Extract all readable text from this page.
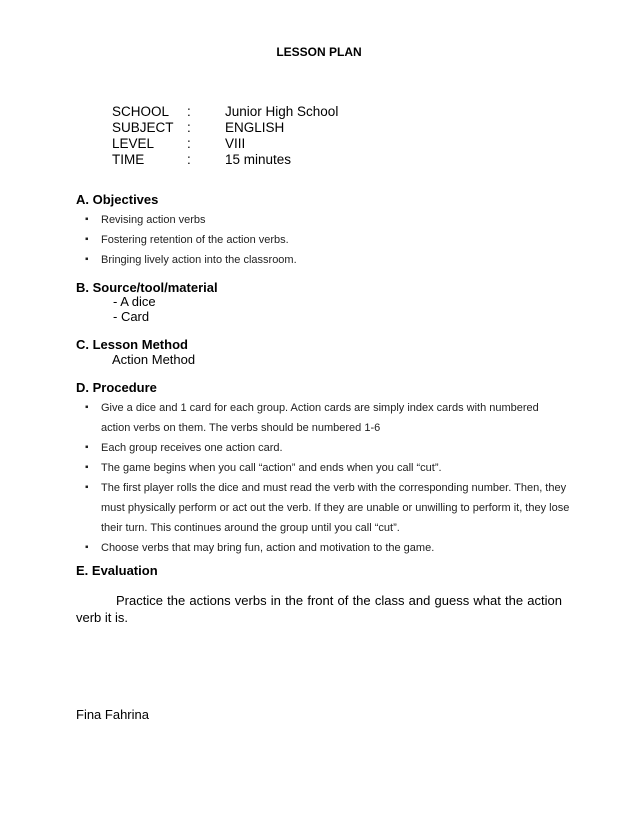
LESSON PLAN
SCHOOL	:	Junior High School
SUBJECT :	ENGLISH
LEVEL	:	VIII
TIME	:	15 minutes
A. Objectives
▪ Revising action verbs
▪ Fostering retention of the action verbs.
▪ Bringing lively action into the classroom.
B. Source/tool/material
- A dice
- Card
C. Lesson Method
Action Method
D. Procedure
▪ Give a dice and 1 card for each group. Action cards are simply index cards with numbered action verbs on them. The verbs should be numbered 1-6
▪ Each group receives one action card.
▪ The game begins when you call “action” and ends when you call “cut”.
▪ The first player rolls the dice and must read the verb with the corresponding number. Then, they must physically perform or act out the verb. If they are unable or unwilling to perform it, they lose their turn. This continues around the group until you call “cut”.
▪ Choose verbs that may bring fun, action and motivation to the game.
E. Evaluation
Practice the actions verbs in the front of the class and guess what the action verb it is.
Fina Fahrina
